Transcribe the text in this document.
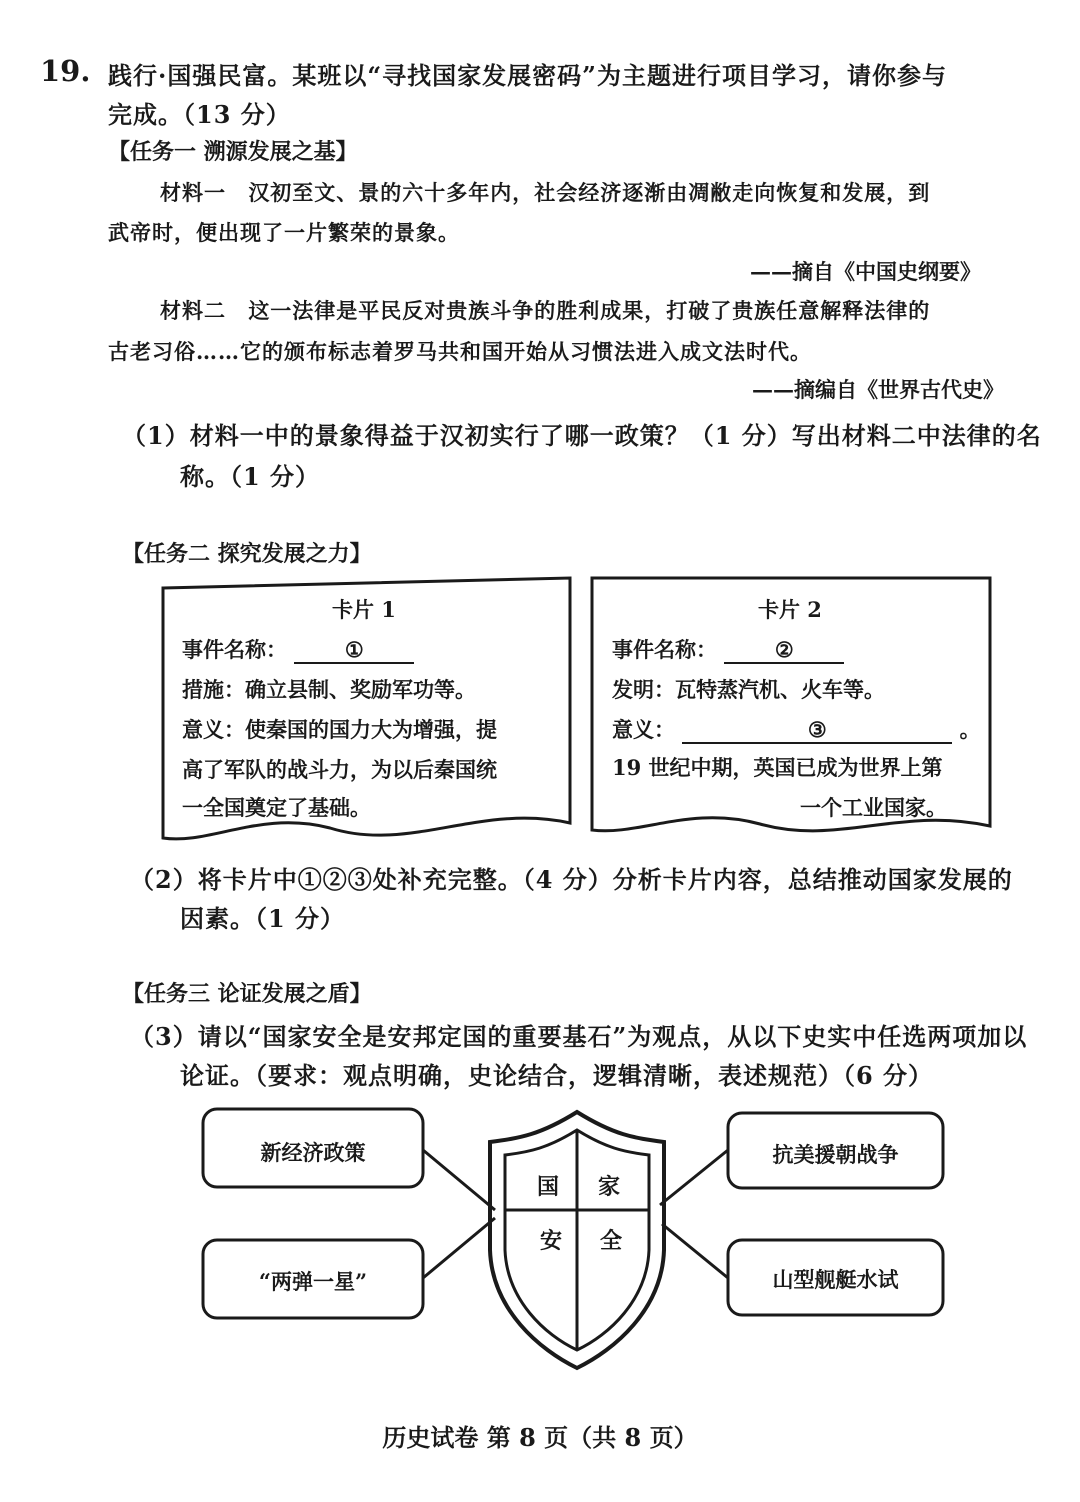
19. 践行·国强民富。某班以“寻找国家发展密码”为主题进行项目学习，请你参与
完成。（13 分）
【任务一 溯源发展之基】
材料一 汉初至文、景的六十多年内，社会经济逐渐由凋敝走向恢复和发展，到
武帝时，便出现了一片繁荣的景象。
——摘自《中国史纲要》
材料二 这一法律是平民反对贵族斗争的胜利成果，打破了贵族任意解释法律的
古老习俗……它的颁布标志着罗马共和国开始从习惯法进入成文法时代。
——摘编自《世界古代史》
（1）材料一中的景象得益于汉初实行了哪一政策？（1 分）写出材料二中法律的名
称。（1 分）
【任务二 探究发展之力】
卡片 1
事件名称：	①
措施：确立县制、奖励军功等。
意义：使秦国的国力大为增强，提
高了军队的战斗力，为以后秦国统
一全国奠定了基础。
卡片 2
事件名称：	②
发明：瓦特蒸汽机、火车等。
意义：	③	。
19 世纪中期，英国已成为世界上第
一个工业国家。
（2）将卡片中①②③处补充完整。（4 分）分析卡片内容，总结推动国家发展的
因素。（1 分）
【任务三 论证发展之盾】
（3）请以“国家安全是安邦定国的重要基石”为观点，从以下史实中任选两项加以
论证。（要求：观点明确，史论结合，逻辑清晰，表述规范）（6 分）
新经济政策	抗美援朝战争
“两弹一星”	山型舰艇水试
国 家
安 全
历史试卷 第 8 页（共 8 页）
